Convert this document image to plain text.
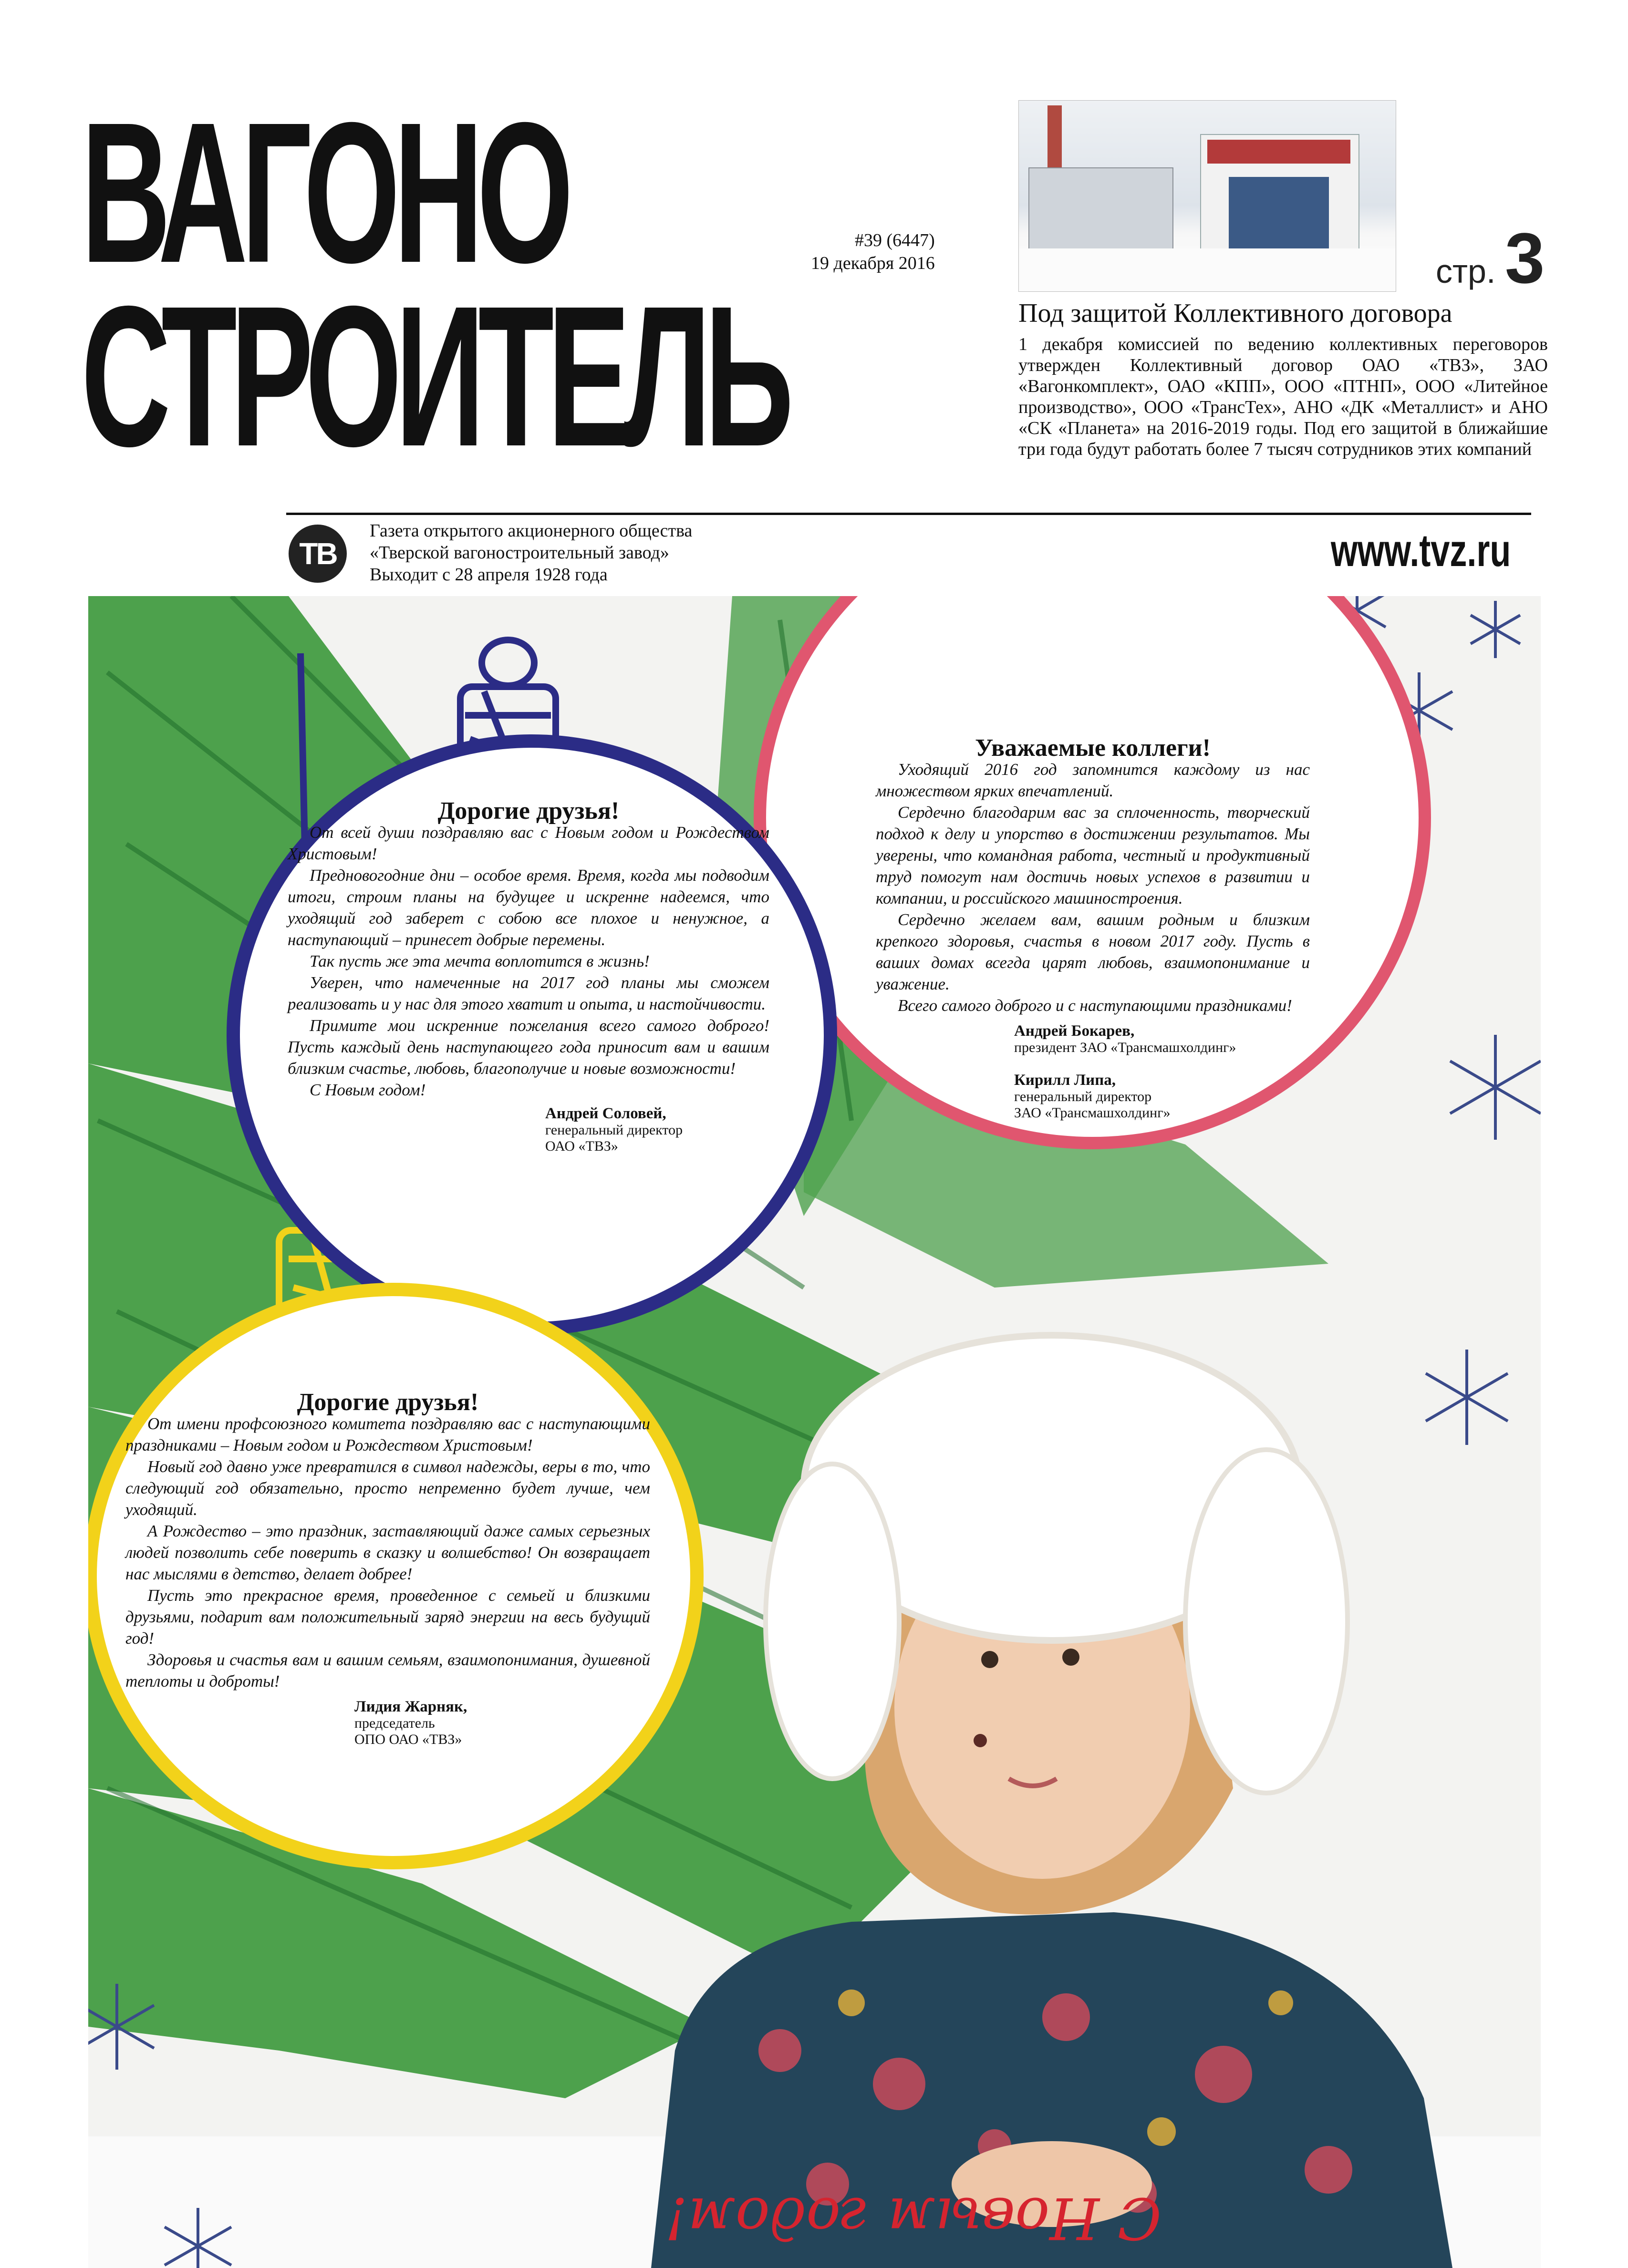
ВАГОНО
СТРОИТЕЛЬ
#39 (6447)
19 декабря 2016	стр. 3
Под защитой Коллективного договора
1 декабря комиссией по ведению коллективных переговоров утвержден Коллективный договор ОАО «ТВЗ», ЗАО «Вагонкомплект», ОАО «КПП», ООО «ПТНП», ООО «Литейное производство», ООО «ТрансТех», АНО «ДК «Металлист» и АНО «СК «Планета» на 2016-2019 годы. Под его защитой в ближайшие три года будут работать более 7 тысяч сотрудников этих компаний
ТВ
Газета открытого акционерного общества
«Тверской вагоностроительный завод»
Выходит с 28 апреля 1928 года	www.tvz.ru
С Новым годом!
Уважаемые коллеги!

Уходящий 2016 год запомнится каждому из нас множеством ярких впечатлений.

Сердечно благодарим вас за сплоченность, творческий подход к делу и упорство в достижении результатов. Мы уверены, что командная работа, честный и продуктивный труд помогут нам достичь новых успехов в развитии и компании, и российского машиностроения.

Сердечно желаем вам, вашим родным и близким крепкого здоровья, счастья в новом 2017 году. Пусть в ваших домах всегда царят любовь, взаимопонимание и уважение.

Всего самого доброго и с наступающими праздниками!

Андрей Бокарев,
президент ЗАО «Трансмашхолдинг»

Кирилл Липа,
генеральный директор
ЗАО «Трансмашхолдинг»
Дорогие друзья!

От всей души поздравляю вас с Новым годом и Рождеством Христовым!

Предновогодние дни – особое время. Время, когда мы подводим итоги, строим планы на будущее и искренне надеемся, что уходящий год заберет с собою все плохое и ненужное, а наступающий – принесет добрые перемены.

Так пусть же эта мечта воплотится в жизнь!

Уверен, что намеченные на 2017 год планы мы сможем реализовать и у нас для этого хватит и опыта, и настойчивости.

Примите мои искренние пожелания всего самого доброго! Пусть каждый день наступающего года приносит вам и вашим близким счастье, любовь, благополучие и новые возможности!

С Новым годом!

Андрей Соловей,
генеральный директор
ОАО «ТВЗ»
Дорогие друзья!

От имени профсоюзного комитета поздравляю вас с наступающими праздниками – Новым годом и Рождеством Христовым!

Новый год давно уже превратился в символ надежды, веры в то, что следующий год обязательно, просто непременно будет лучше, чем уходящий.

А Рождество – это праздник, заставляющий даже самых серьезных людей позволить себе поверить в сказку и волшебство! Он возвращает нас мыслями в детство, делает добрее!

Пусть это прекрасное время, проведенное с семьей и близкими друзьями, подарит вам положительный заряд энергии на весь будущий год!

Здоровья и счастья вам и вашим семьям, взаимопонимания, душевной теплоты и доброты!

Лидия Жарняк,
председатель
ОПО ОАО «ТВЗ»
